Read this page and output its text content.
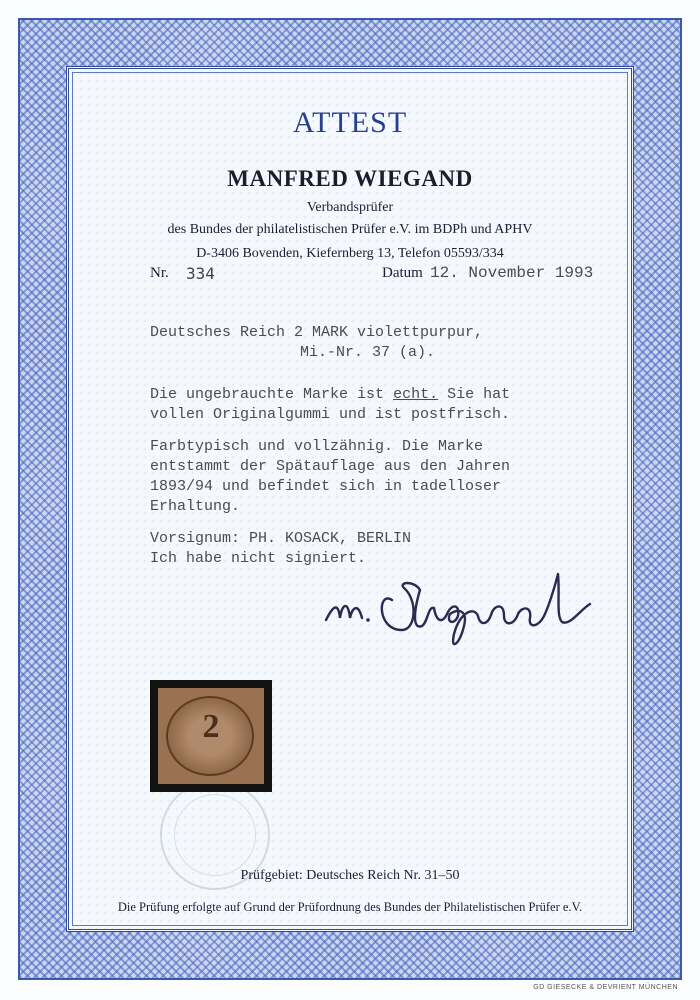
ATTEST
MANFRED WIEGAND
Verbandsprüfer
des Bundes der philatelistischen Prüfer e.V. im BDPh und APHV
D-3406 Bovenden, Kiefernberg 13, Telefon 05593/334
Nr. 334	Datum 12. November 1993
Deutsches Reich 2 MARK violettpurpur,
Mi.-Nr. 37 (a).
Die ungebrauchte Marke ist echt. Sie hat
vollen Originalgummi und ist postfrisch.
Farbtypisch und vollzähnig. Die Marke
entstammt der Spätauflage aus den Jahren
1893/94 und befindet sich in tadelloser
Erhaltung.
Vorsignum: PH. KOSACK, BERLIN
Ich habe nicht signiert.
2
Prüfgebiet: Deutsches Reich Nr. 31–50
Die Prüfung erfolgte auf Grund der Prüfordnung des Bundes der Philatelistischen Prüfer e.V.
GD GIESECKE & DEVRIENT MÜNCHEN
